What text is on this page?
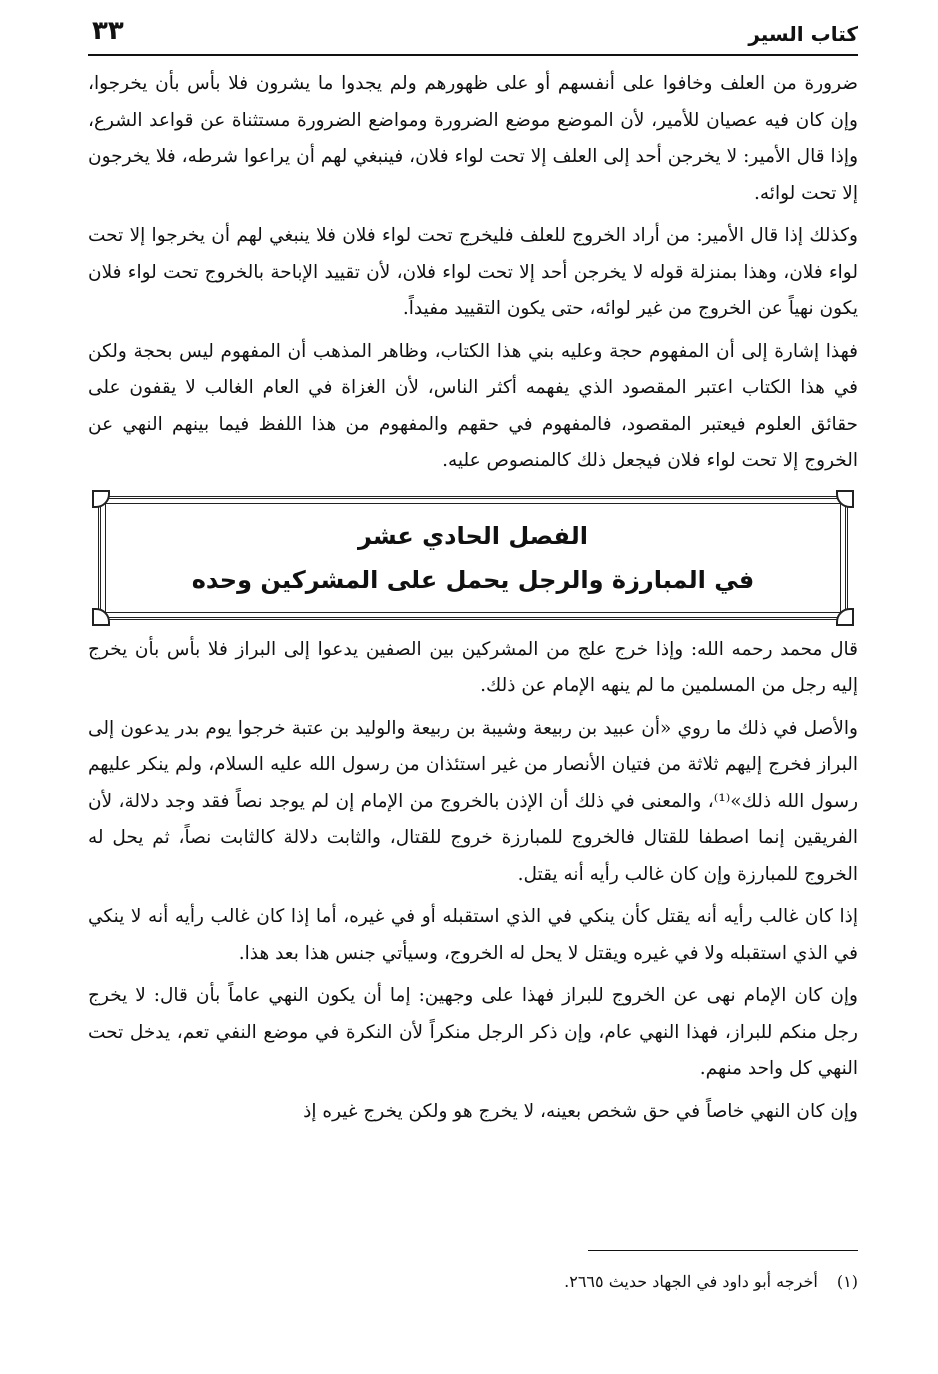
كتاب السير
٣٣

ضرورة من العلف وخافوا على أنفسهم أو على ظهورهم ولم يجدوا ما يشرون فلا بأس بأن يخرجوا، وإن كان فيه عصيان للأمير، لأن الموضع موضع الضرورة ومواضع الضرورة مستثناة عن قواعد الشرع، وإذا قال الأمير: لا يخرجن أحد إلى العلف إلا تحت لواء فلان، فينبغي لهم أن يراعوا شرطه، فلا يخرجون إلا تحت لوائه.

وكذلك إذا قال الأمير: من أراد الخروج للعلف فليخرج تحت لواء فلان فلا ينبغي لهم أن يخرجوا إلا تحت لواء فلان، وهذا بمنزلة قوله لا يخرجن أحد إلا تحت لواء فلان، لأن تقييد الإباحة بالخروج تحت لواء فلان يكون نهياً عن الخروج من غير لوائه، حتى يكون التقييد مفيداً.

فهذا إشارة إلى أن المفهوم حجة وعليه بني هذا الكتاب، وظاهر المذهب أن المفهوم ليس بحجة ولكن في هذا الكتاب اعتبر المقصود الذي يفهمه أكثر الناس، لأن الغزاة في العام الغالب لا يقفون على حقائق العلوم فيعتبر المقصود، فالمفهوم في حقهم والمفهوم من هذا اللفظ فيما بينهم النهي عن الخروج إلا تحت لواء فلان فيجعل ذلك كالمنصوص عليه.

الفصل الحادي عشر
في المبارزة والرجل يحمل على المشركين وحده

قال محمد رحمه الله: وإذا خرج علج من المشركين بين الصفين يدعوا إلى البراز فلا بأس بأن يخرج إليه رجل من المسلمين ما لم ينهه الإمام عن ذلك.

والأصل في ذلك ما روي «أن عبيد بن ربيعة وشيبة بن ربيعة والوليد بن عتبة خرجوا يوم بدر يدعون إلى البراز فخرج إليهم ثلاثة من فتيان الأنصار من غير استئذان من رسول الله عليه السلام، ولم ينكر عليهم رسول الله ذلك»⁽¹⁾، والمعنى في ذلك أن الإذن بالخروج من الإمام إن لم يوجد نصاً فقد وجد دلالة، لأن الفريقين إنما اصطفا للقتال فالخروج للمبارزة خروج للقتال، والثابت دلالة كالثابت نصاً، ثم يحل له الخروج للمبارزة وإن كان غالب رأيه أنه يقتل.

إذا كان غالب رأيه أنه يقتل كأن ينكي في الذي استقبله أو في غيره، أما إذا كان غالب رأيه أنه لا ينكي في الذي استقبله ولا في غيره ويقتل لا يحل له الخروج، وسيأتي جنس هذا بعد هذا.

وإن كان الإمام نهى عن الخروج للبراز فهذا على وجهين: إما أن يكون النهي عاماً بأن قال: لا يخرج رجل منكم للبراز، فهذا النهي عام، وإن ذكر الرجل منكراً لأن النكرة في موضع النفي تعم، يدخل تحت النهي كل واحد منهم.

وإن كان النهي خاصاً في حق شخص بعينه، لا يخرج هو ولكن يخرج غيره إذ

(١) أخرجه أبو داود في الجهاد حديث ٢٦٦٥.
